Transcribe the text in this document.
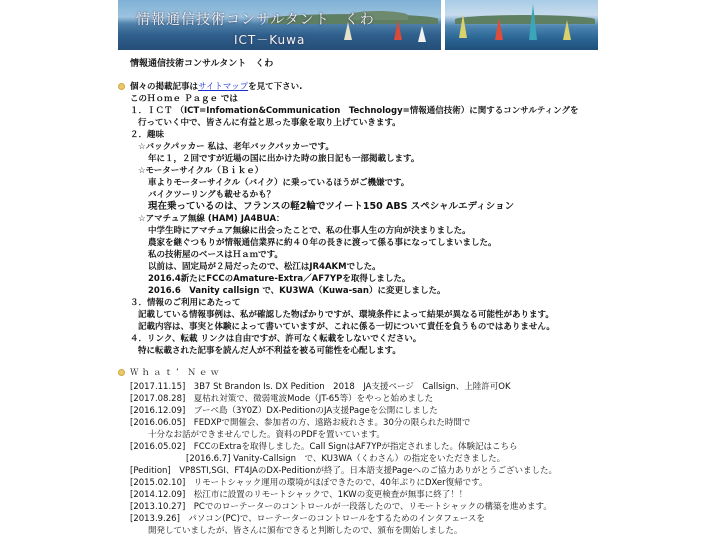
情報通信技術コンサルタント　くわ
ICT－Kuwa
情報通信技術コンサルタント　くわ
個々の掲載記事はサイトマップを見て下さい.
このＨｏｍｅ Ｐａｇｅ では
１．ＩＣＴ （ICT=Infomation&Communication　Technology=情報通信技術）に関するコンサルティングを
行っていく中で、皆さんに有益と思った事象を取り上げていきます。
２．趣味
☆バックパッカー 私は、老年バックパッカーです。
年に１，２回ですが近場の国に出かけた時の旅日記も一部掲載します。
☆モーターサイクル（Ｂｉｋｅ）
車よりモーターサイクル（バイク）に乗っているほうがご機嫌です。
バイクツーリングも載せるかも？
現在乗っているのは、フランスの軽2輪でツイート150 ABS スペシャルエディション
☆アマチュア無線 (HAM) JA4BUA：
中学生時にアマチュア無線に出会ったことで、私の仕事人生の方向が決まりました。
農家を継ぐつもりが情報通信業界に約４０年の長きに渡って係る事になってしまいました。
私の技術屋のベースはＨａｍです。
以前は、固定局が２局だったので、松江はJR4AKMでした。
2016.4新たにFCCのAmature-Extra／AF7YPを取得しました。
2016.6　Vanity callsign で、KU3WA（Kuwa-san）に変更しました。
３．情報のご利用にあたって
記載している情報事例は、私が確認した物ばかりですが、環境条件によって結果が異なる可能性があります。
記載内容は、事実と体験によって書いていますが、これに係る一切について責任を負うものではありません。
４．リンク、転載 リンクは自由ですが、許可なく転載をしないでください。
特に転載された記事を読んだ人が不利益を被る可能性を心配します。
Ｗｈａｔ’ Ｎｅｗ
[2017.11.15]　3B7 St Brandon Is. DX Pedition　2018　JA支援ページ　Callsign、上陸許可OK
[2017.08.28]　夏枯れ対策で、微弱電波Mode（JT-65等）をやっと始めました
[2016.12.09]　ブーベ島（3Y0Z）DX-PeditionのJA支援Pageを公開にしました
[2016.06.05]　FEDXPで開催会、参加者の方、遠路お疲れさま。30分の限られた時間で
十分なお話ができませんでした。資料のPDFを置いています。
[2016.05.02]　FCCのExtraを取得しました。Call SignはAF7YPが指定されました。体験記はこちら
[2016.6.7] Vanity-Callsign　で、KU3WA（くわさん）の指定をいただきました。
[Pedition]　VP8STI,SGI、FT4JAのDX-Peditionが終了。日本語支援Pageへのご協力ありがとうございました。
[2015.02.10]　リモートシャック運用の環境がほぼできたので、40年ぶりにDXer復帰です。
[2014.12.09]　松江市に設置のリモートシャックで、1KWの変更検査が無事に終了！！
[2013.10.27]　PCでのローテーターのコントロールが一段落したので、リモートシャックの構築を進めます。
[2013.9.26]　パソコン(PC)で、ローテーターのコントロールをするためのインタフェースを
開発していましたが、皆さんに頒布できると判断したので、頒布を開始しました。
